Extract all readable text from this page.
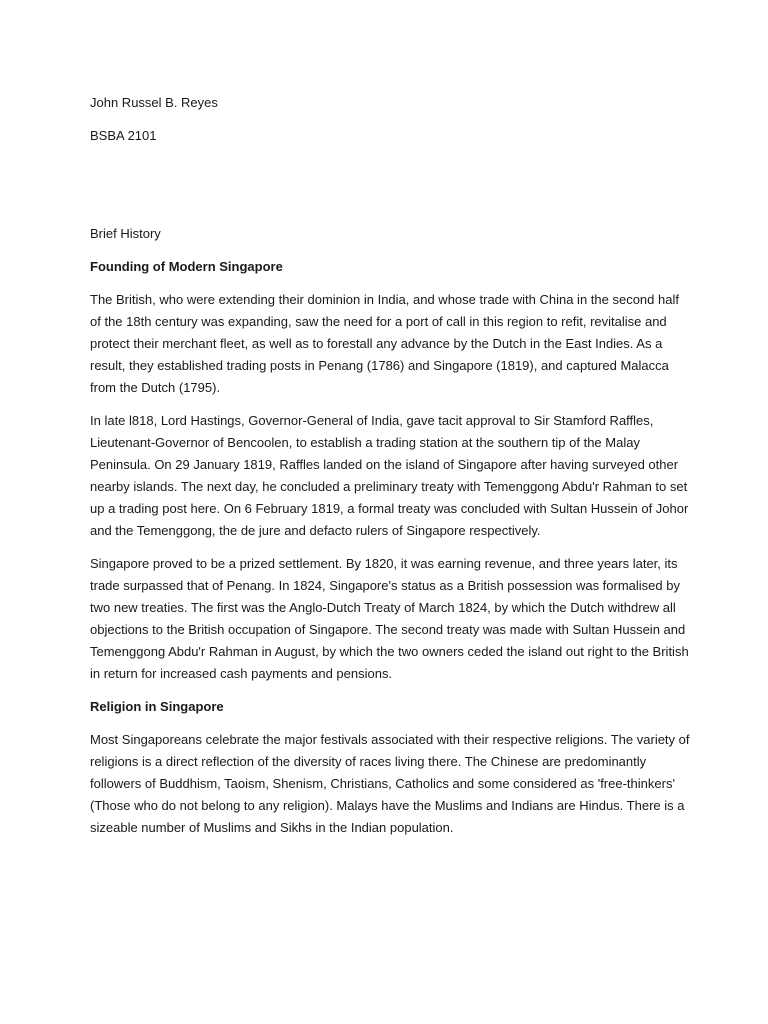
John Russel B. Reyes

BSBA 2101

Brief History

Founding of Modern Singapore

The British, who were extending their dominion in India, and whose trade with China in the second half of the 18th century was expanding, saw the need for a port of call in this region to refit, revitalise and protect their merchant fleet, as well as to forestall any advance by the Dutch in the East Indies. As a result, they established trading posts in Penang (1786) and Singapore (1819), and captured Malacca from the Dutch (1795).

In late l818, Lord Hastings, Governor-General of India, gave tacit approval to Sir Stamford Raffles, Lieutenant-Governor of Bencoolen, to establish a trading station at the southern tip of the Malay Peninsula. On 29 January 1819, Raffles landed on the island of Singapore after having surveyed other nearby islands. The next day, he concluded a preliminary treaty with Temenggong Abdu'r Rahman to set up a trading post here. On 6 February 1819, a formal treaty was concluded with Sultan Hussein of Johor and the Temenggong, the de jure and defacto rulers of Singapore respectively.

Singapore proved to be a prized settlement. By 1820, it was earning revenue, and three years later, its trade surpassed that of Penang. In 1824, Singapore's status as a British possession was formalised by two new treaties. The first was the Anglo-Dutch Treaty of March 1824, by which the Dutch withdrew all objections to the British occupation of Singapore. The second treaty was made with Sultan Hussein and Temenggong Abdu'r Rahman in August, by which the two owners ceded the island out right to the British in return for increased cash payments and pensions.

Religion in Singapore

Most Singaporeans celebrate the major festivals associated with their respective religions. The variety of religions is a direct reflection of the diversity of races living there. The Chinese are predominantly followers of Buddhism, Taoism, Shenism, Christians, Catholics and some considered as 'free-thinkers' (Those who do not belong to any religion). Malays have the Muslims and Indians are Hindus. There is a sizeable number of Muslims and Sikhs in the Indian population.
